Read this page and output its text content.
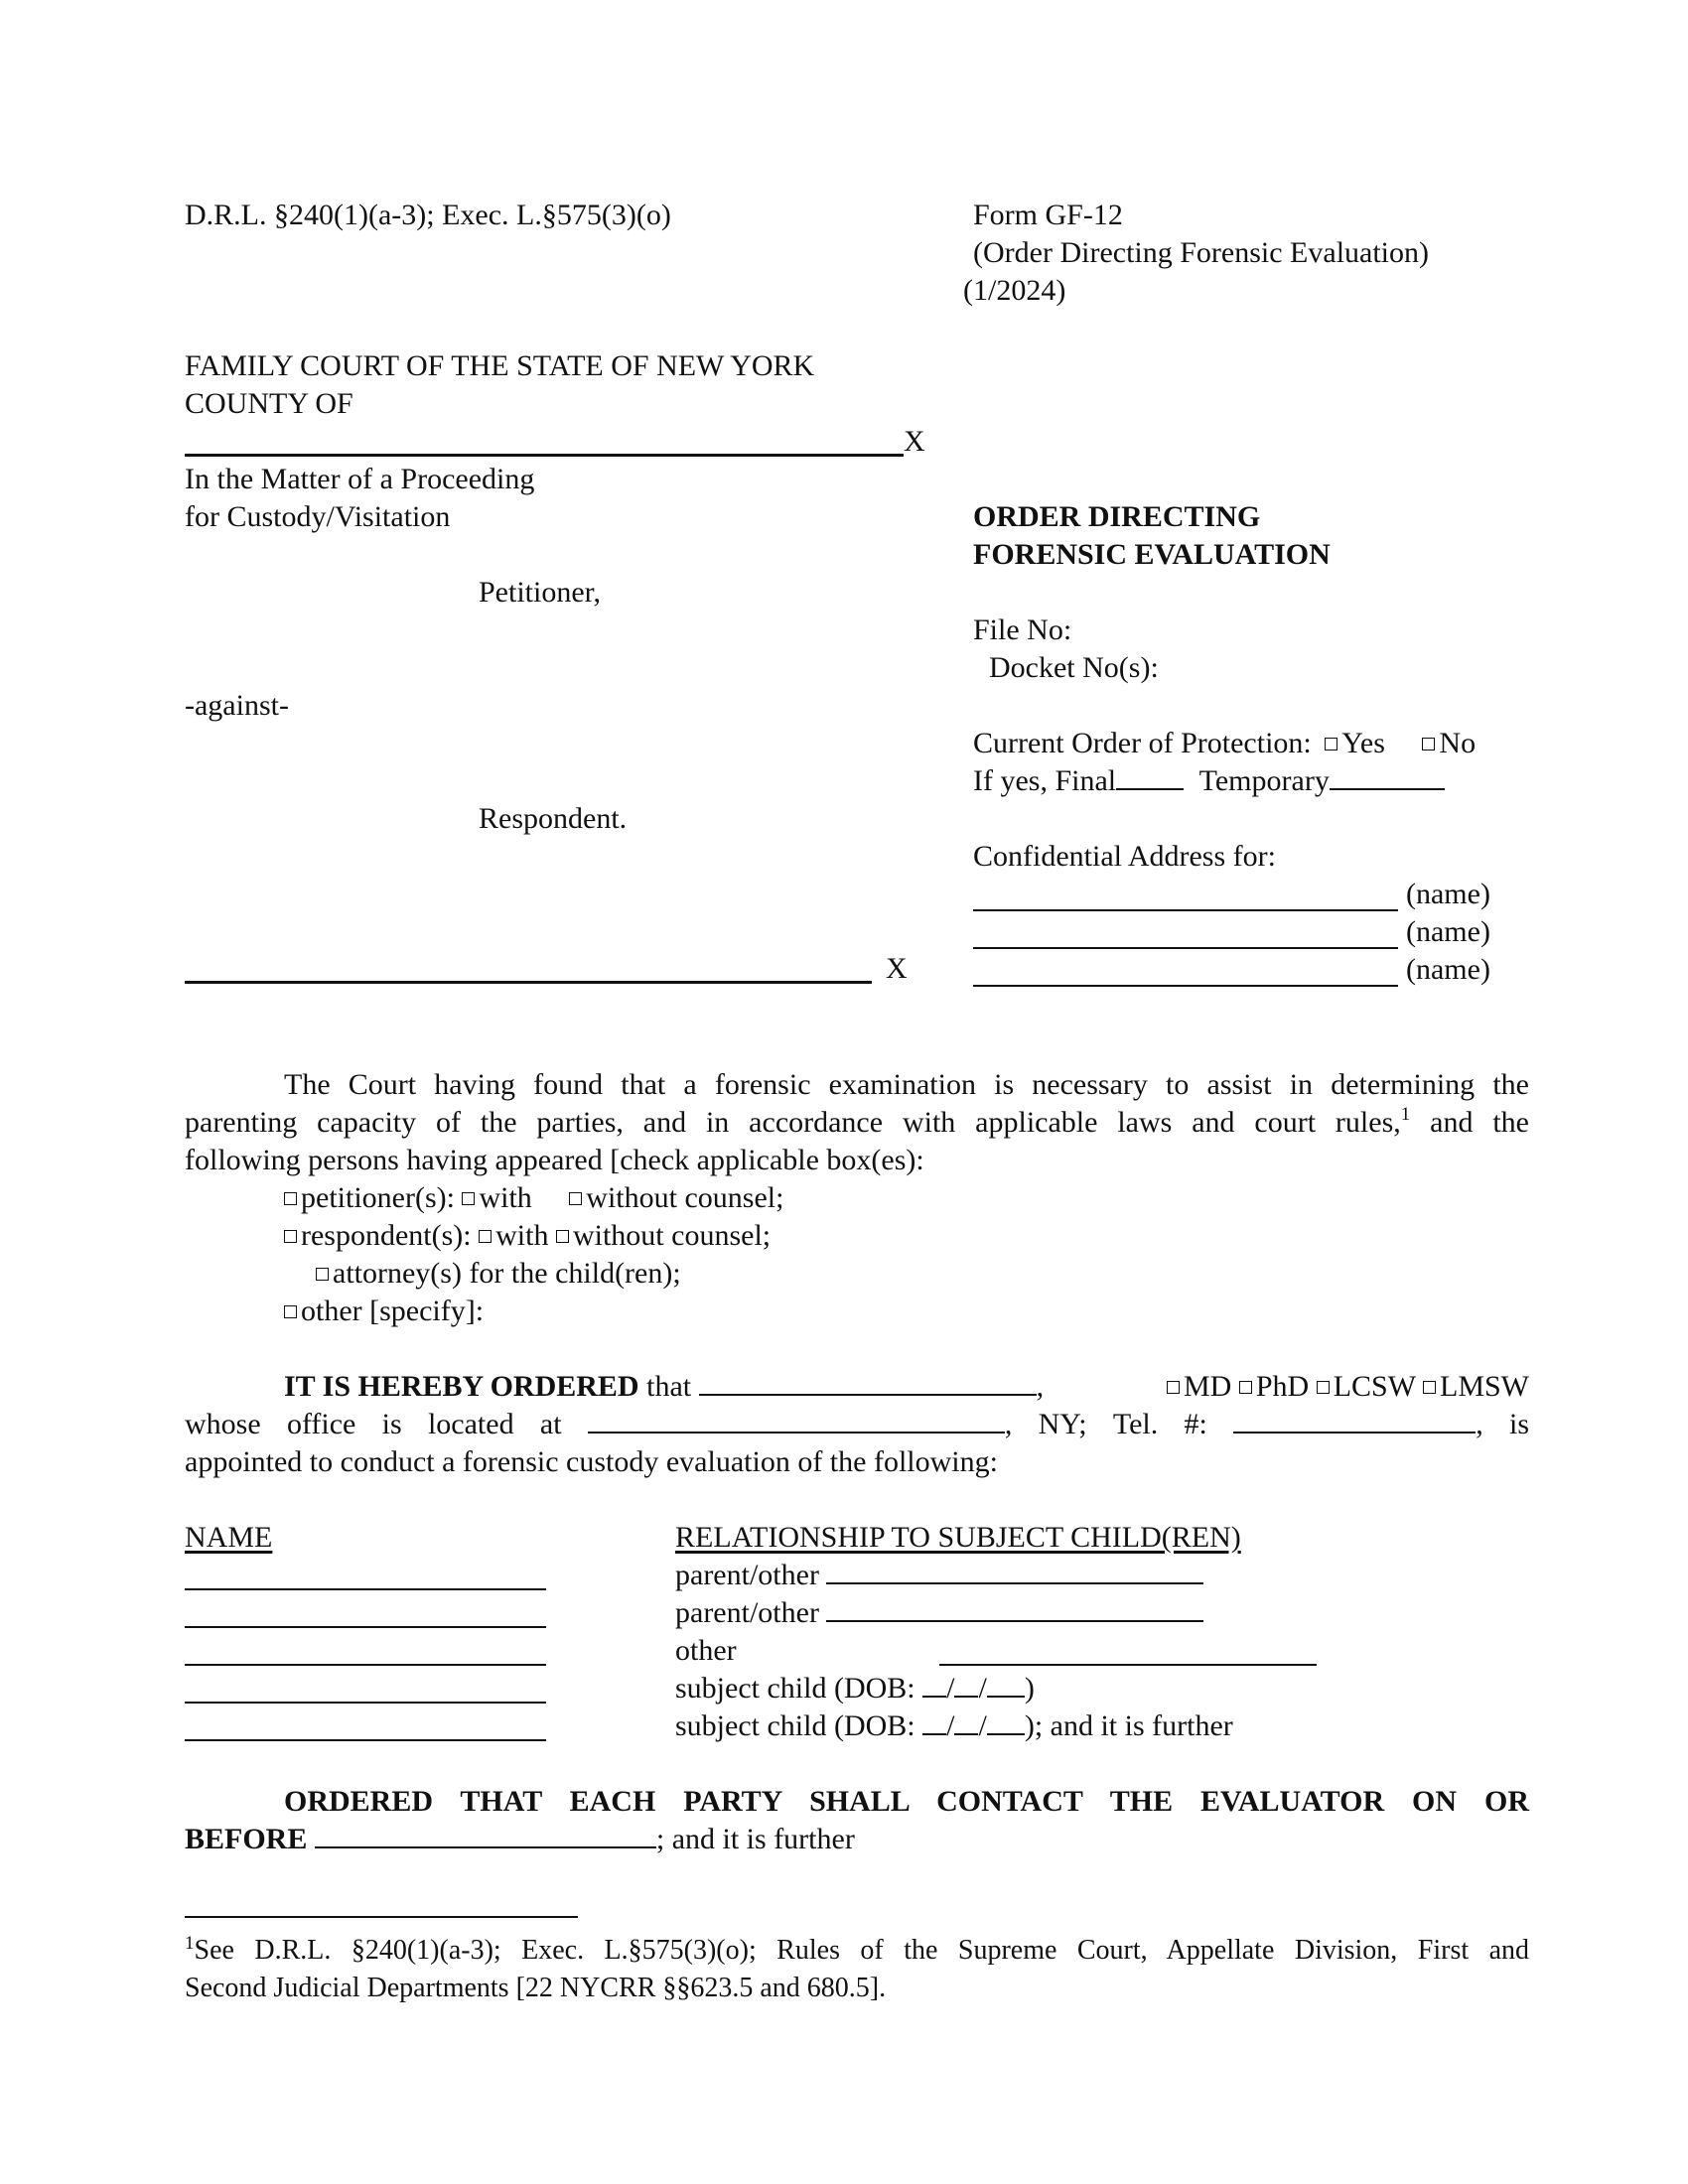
D.R.L. §240(1)(a-3); Exec. L.§575(3)(o)	Form GF-12
(Order Directing Forensic Evaluation)
(1/2024)
FAMILY COURT OF THE STATE OF NEW YORK
COUNTY OF
X
In the Matter of a Proceeding
for Custody/Visitation
Petitioner,
-against-
Respondent.
X
ORDER DIRECTING
FORENSIC EVALUATION
File No:
Docket No(s):
Current Order of Protection: Yes No
If yes, Final	Temporary
Confidential Address for:
(name)
(name)
(name)
The Court having found that a forensic examination is necessary to assist in determining the
parenting capacity of the parties, and in accordance with applicable laws and court rules,$^1$ and the
following persons having appeared [check applicable box(es):
petitioner(s): with without counsel;
respondent(s): with without counsel;
attorney(s) for the child(ren);
other [specify]:
IT IS HEREBY ORDERED that	,	MD PhD LCSW LMSW
whose office is located at	, NY; Tel. #:	, is
appointed to conduct a forensic custody evaluation of the following:
NAME	RELATIONSHIP TO SUBJECT CHILD(REN)
parent/other
parent/other
other
subject child (DOB: / / )
subject child (DOB: / / ); and it is further
ORDERED THAT EACH PARTY SHALL CONTACT THE EVALUATOR ON OR
BEFORE	; and it is further
$^1$See D.R.L. §240(1)(a-3); Exec. L.§575(3)(o); Rules of the Supreme Court, Appellate Division, First and
Second Judicial Departments [22 NYCRR §§623.5 and 680.5].
